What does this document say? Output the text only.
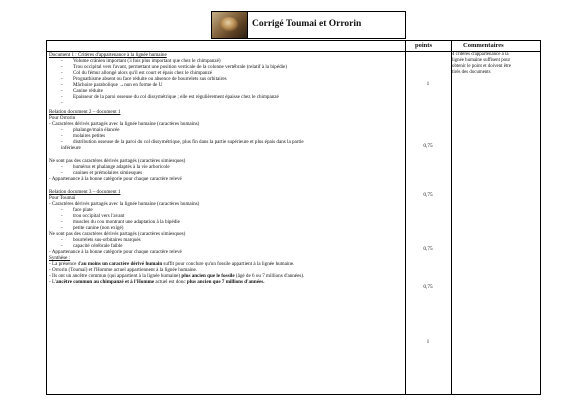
Corrigé Toumai et Orrorin
points	Commentaires
Document 1 : Critères d'appartenance à la lignée humaine
- Volume crânien important (3 fois plus important que chez le chimpanzé)
- Trou occipital vers l'avant, permettant une position verticale de la colonne vertébrale (relatif à la bipédie)
- Col du fémur allongé alors qu'il est court et épais chez le chimpanzé
- Prognathisme absent ou face réduite ou absence de bourrelets sus orbitaires
- Mâchoire parabolique →non en forme de U
- Canine réduite
- Epaisseur de la paroi osseuse du col dissymétrique ; elle est régulièrement épaisse chez le chimpanzé
-
Relation document 2 – document 1
Pour Orrorin
- Caractères dérivés partagés avec la lignée humaine (caractères humains)
- phalange/main élancée
- molaires petites
- distribution osseuse de la paroi du col dissymétrique, plus fin dans la partie supérieure et plus épais dans la partie
inférieure
Ne sont pas des caractères dérivés partagés (caractères simiesques)
- humérus et phalange adaptés à la vie arboricole
- canines et prémolaires simiesques
- Appartenance à la bonne catégorie pour chaque caractère relevé
Relation document 3 – document 1
Pour Toumaï
- Caractères dérivés partagés avec la lignée humaine (caractères humains)
- face plate
- trou occipital vers l'avant
- muscles du cou montrant une adaptation à la bipédie
- petite canine (non exigé)
Ne sont pas des caractères dérivés partagés (caractères simiesques)
- bourrelets sus-orbitaires marqués
- capacité cérébrale faible
- Appartenance à la bonne catégorie pour chaque caractère relevé
Synthèse :
- La présence d'au moins un caractère dérivé humain suffit pour conclure qu'un fossile appartient à la lignée humaine.
- Orrorin (Toumaï) et l'Homme actuel appartiennent à la lignée humaine.
- Ils ont un ancêtre commun (qui appartient à la lignée humaine) plus ancien que le fossile (âgé de 6 ou 7 millions d'années).
- L'ancêtre commun au chimpanzé et à l'Homme actuel est donc plus ancien que 7 millions d'années.
1
0,75
0,75
0,75
0,75
1
4 critères d'appartenance à la
lignée humaine suffisent pour
obtenir le point et doivent être
tirés des documents
